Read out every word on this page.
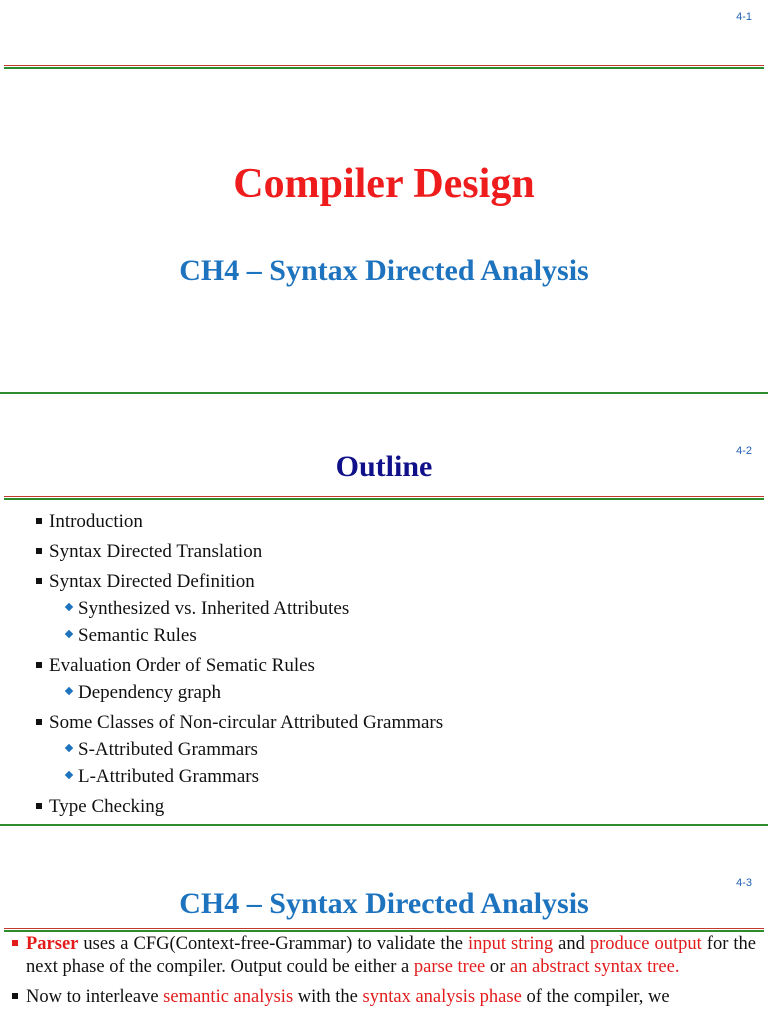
4-1
Compiler Design
CH4 – Syntax Directed Analysis
4-2
Outline
Introduction
Syntax Directed Translation
Syntax Directed Definition
Synthesized vs. Inherited Attributes
Semantic Rules
Evaluation Order of Sematic Rules
Dependency graph
Some Classes of Non-circular Attributed Grammars
S-Attributed Grammars
L-Attributed Grammars
Type Checking
4-3
CH4 – Syntax Directed Analysis
Parser uses a CFG(Context-free-Grammar) to validate the input string and produce output for the next phase of the compiler. Output could be either a parse tree or an abstract syntax tree.
Now to interleave semantic analysis with the syntax analysis phase of the compiler, we
